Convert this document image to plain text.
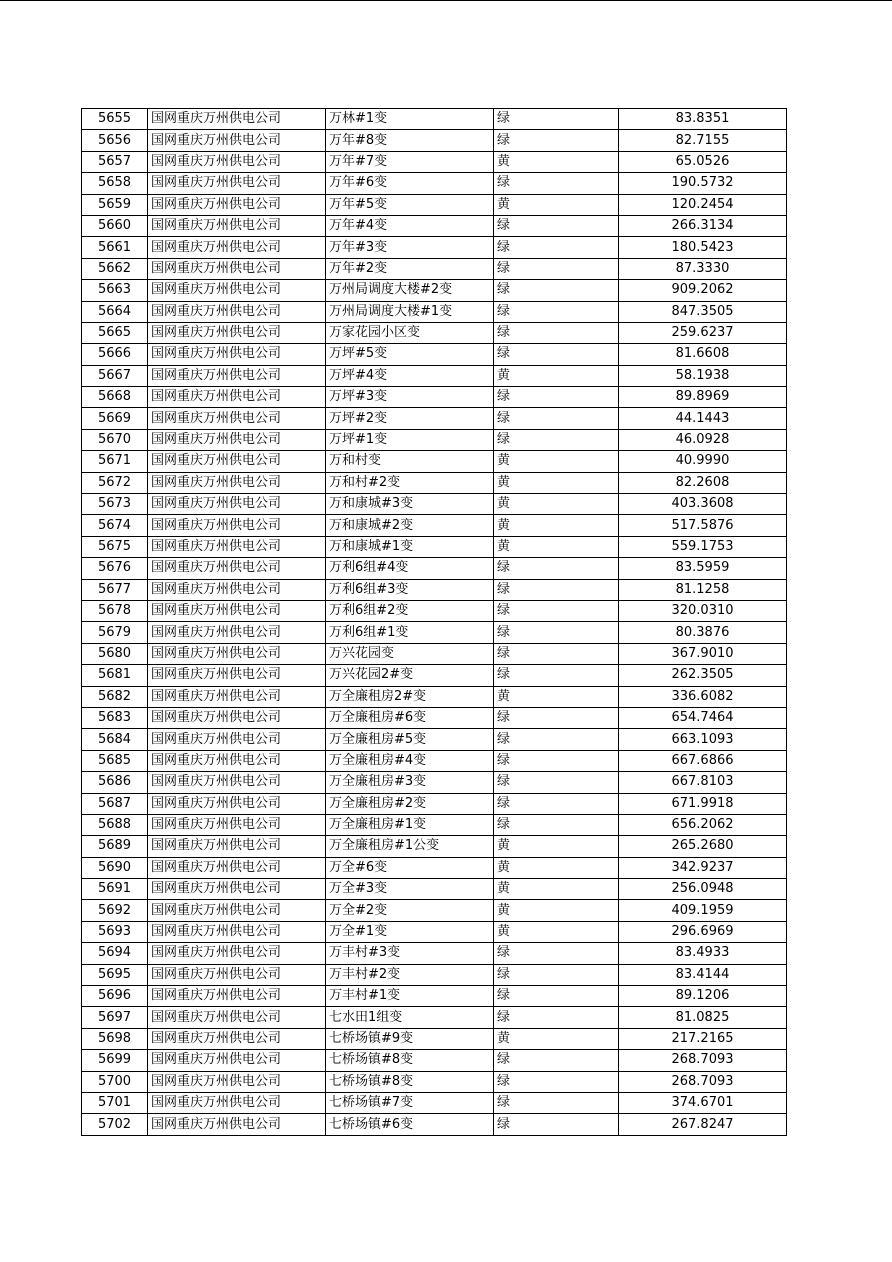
5655	国网重庆万州供电公司	万林#1变	绿	83.8351
5656	国网重庆万州供电公司	万年#8变	绿	82.7155
5657	国网重庆万州供电公司	万年#7变	黄	65.0526
5658	国网重庆万州供电公司	万年#6变	绿	190.5732
5659	国网重庆万州供电公司	万年#5变	黄	120.2454
5660	国网重庆万州供电公司	万年#4变	绿	266.3134
5661	国网重庆万州供电公司	万年#3变	绿	180.5423
5662	国网重庆万州供电公司	万年#2变	绿	87.3330
5663	国网重庆万州供电公司	万州局调度大楼#2变	绿	909.2062
5664	国网重庆万州供电公司	万州局调度大楼#1变	绿	847.3505
5665	国网重庆万州供电公司	万家花园小区变	绿	259.6237
5666	国网重庆万州供电公司	万坪#5变	绿	81.6608
5667	国网重庆万州供电公司	万坪#4变	黄	58.1938
5668	国网重庆万州供电公司	万坪#3变	绿	89.8969
5669	国网重庆万州供电公司	万坪#2变	绿	44.1443
5670	国网重庆万州供电公司	万坪#1变	绿	46.0928
5671	国网重庆万州供电公司	万和村变	黄	40.9990
5672	国网重庆万州供电公司	万和村#2变	黄	82.2608
5673	国网重庆万州供电公司	万和康城#3变	黄	403.3608
5674	国网重庆万州供电公司	万和康城#2变	黄	517.5876
5675	国网重庆万州供电公司	万和康城#1变	黄	559.1753
5676	国网重庆万州供电公司	万利6组#4变	绿	83.5959
5677	国网重庆万州供电公司	万利6组#3变	绿	81.1258
5678	国网重庆万州供电公司	万利6组#2变	绿	320.0310
5679	国网重庆万州供电公司	万利6组#1变	绿	80.3876
5680	国网重庆万州供电公司	万兴花园变	绿	367.9010
5681	国网重庆万州供电公司	万兴花园2#变	绿	262.3505
5682	国网重庆万州供电公司	万全廉租房2#变	黄	336.6082
5683	国网重庆万州供电公司	万全廉租房#6变	绿	654.7464
5684	国网重庆万州供电公司	万全廉租房#5变	绿	663.1093
5685	国网重庆万州供电公司	万全廉租房#4变	绿	667.6866
5686	国网重庆万州供电公司	万全廉租房#3变	绿	667.8103
5687	国网重庆万州供电公司	万全廉租房#2变	绿	671.9918
5688	国网重庆万州供电公司	万全廉租房#1变	绿	656.2062
5689	国网重庆万州供电公司	万全廉租房#1公变	黄	265.2680
5690	国网重庆万州供电公司	万全#6变	黄	342.9237
5691	国网重庆万州供电公司	万全#3变	黄	256.0948
5692	国网重庆万州供电公司	万全#2变	黄	409.1959
5693	国网重庆万州供电公司	万全#1变	黄	296.6969
5694	国网重庆万州供电公司	万丰村#3变	绿	83.4933
5695	国网重庆万州供电公司	万丰村#2变	绿	83.4144
5696	国网重庆万州供电公司	万丰村#1变	绿	89.1206
5697	国网重庆万州供电公司	七水田1组变	绿	81.0825
5698	国网重庆万州供电公司	七桥场镇#9变	黄	217.2165
5699	国网重庆万州供电公司	七桥场镇#8变	绿	268.7093
5700	国网重庆万州供电公司	七桥场镇#8变	绿	268.7093
5701	国网重庆万州供电公司	七桥场镇#7变	绿	374.6701
5702	国网重庆万州供电公司	七桥场镇#6变	绿	267.8247
